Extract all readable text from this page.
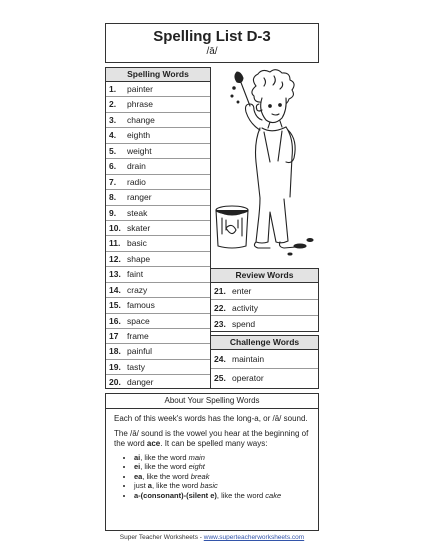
Spelling List D-3
/ā/
Spelling Words
1. painter
2. phrase
3. change
4. eighth
5. weight
6. drain
7. radio
8. ranger
9. steak
10. skater
11. basic
12. shape
13. faint
14. crazy
15. famous
16. space
17 frame
18. painful
19. tasty
20. danger
Review Words
21. enter
22. activity
23. spend
Challenge Words
24. maintain
25. operator
About Your Spelling Words

Each of this week's words has the long-a, or /ā/ sound.

The /ā/ sound is the vowel you hear at the beginning of the word ace. It can be spelled many ways:

• ai, like the word main
• ei, like the word eight
• ea, like the word break
• just a, like the word basic
• a-(consonant)-(silent e), like the word cake
Super Teacher Worksheets - www.superteacherworksheets.com
